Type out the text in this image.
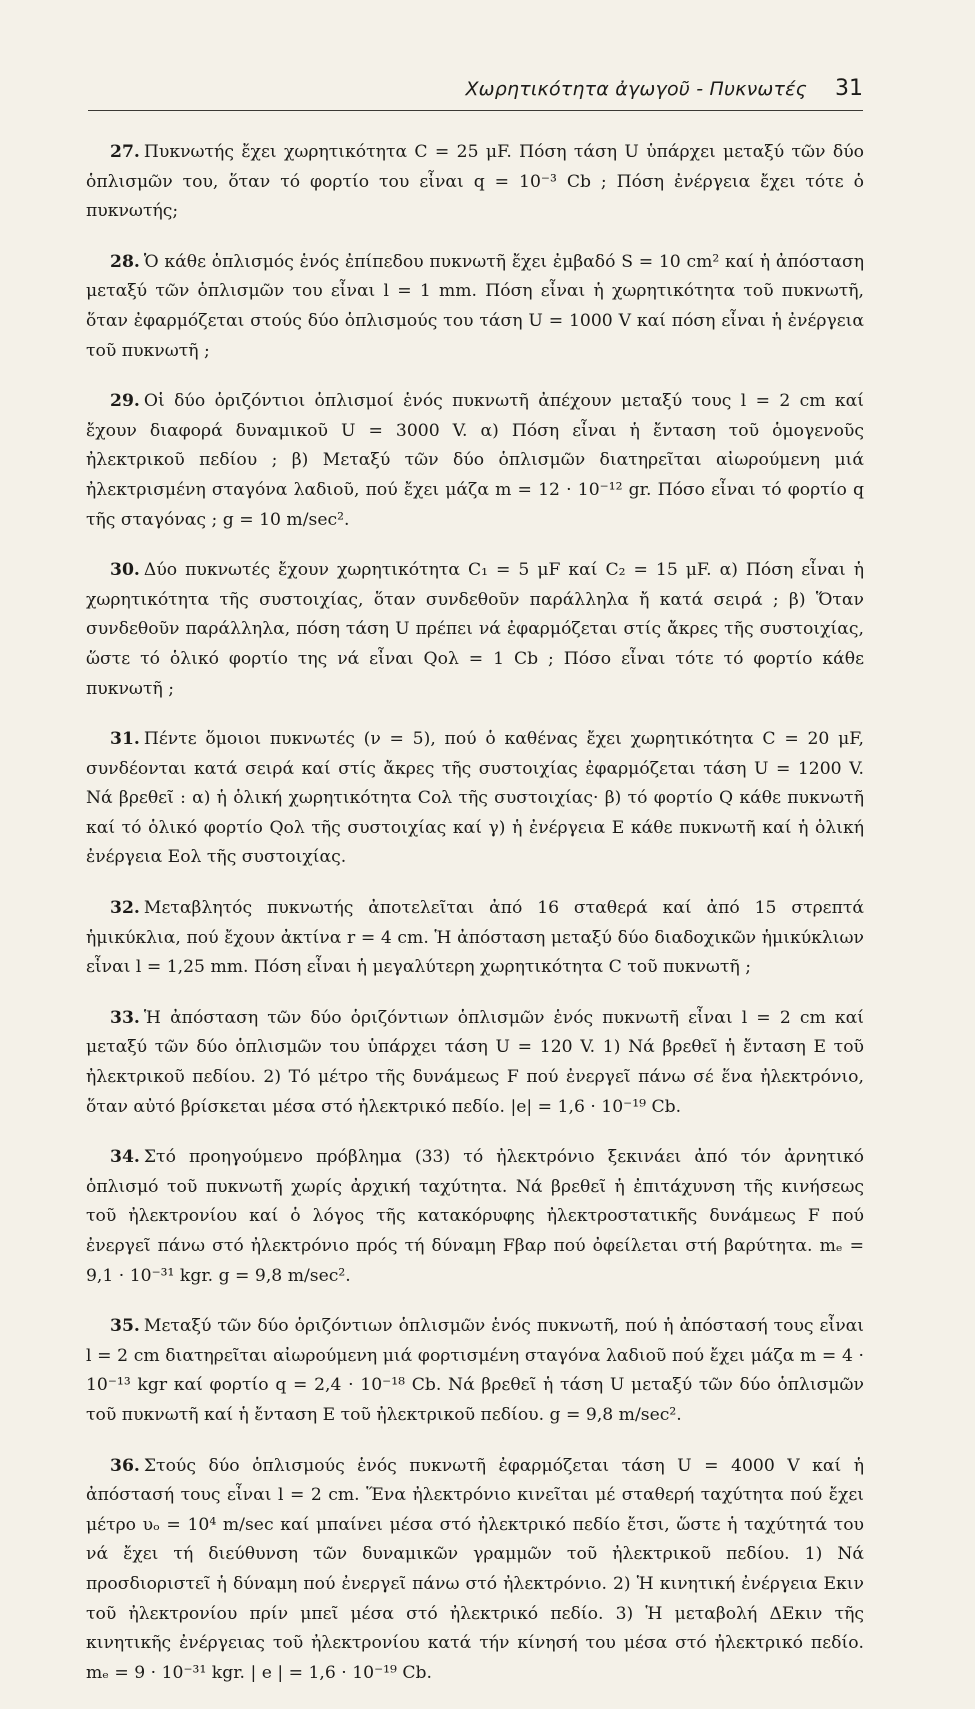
Χωρητικότητα ἀγωγοῦ - Πυκνωτές 31

27. Πυκνωτής ἔχει χωρητικότητα C = 25 μF. Πόση τάση U ὑπάρχει μεταξύ τῶν δύο ὁπλισμῶν του, ὅταν τό φορτίο του εἶναι q = 10⁻³ Cb ; Πόση ἐνέργεια ἔχει τότε ὁ πυκνωτής;

28. Ὁ κάθε ὁπλισμός ἑνός ἐπίπεδου πυκνωτῆ ἔχει ἐμβαδό S = 10 cm² καί ἡ ἀπόσταση μεταξύ τῶν ὁπλισμῶν του εἶναι l = 1 mm. Πόση εἶναι ἡ χωρητικότητα τοῦ πυκνωτῆ, ὅταν ἐφαρμόζεται στούς δύο ὁπλισμούς του τάση U = 1000 V καί πόση εἶναι ἡ ἐνέργεια τοῦ πυκνωτῆ ;

29. Οἱ δύο ὁριζόντιοι ὁπλισμοί ἑνός πυκνωτῆ ἀπέχουν μεταξύ τους l = 2 cm καί ἔχουν διαφορά δυναμικοῦ U = 3000 V. α) Πόση εἶναι ἡ ἔνταση τοῦ ὁμογενοῦς ἠλεκτρικοῦ πεδίου ; β) Μεταξύ τῶν δύο ὁπλισμῶν διατηρεῖται αἰωρούμενη μιά ἠλεκτρισμένη σταγόνα λαδιοῦ, πού ἔχει μάζα m = 12 · 10⁻¹² gr. Πόσο εἶναι τό φορτίο q τῆς σταγόνας ; g = 10 m/sec².

30. Δύο πυκνωτές ἔχουν χωρητικότητα C₁ = 5 μF καί C₂ = 15 μF. α) Πόση εἶναι ἡ χωρητικότητα τῆς συστοιχίας, ὅταν συνδεθοῦν παράλληλα ἤ κατά σειρά ; β) Ὅταν συνδεθοῦν παράλληλα, πόση τάση U πρέπει νά ἐφαρμόζεται στίς ἄκρες τῆς συστοιχίας, ὥστε τό ὁλικό φορτίο της νά εἶναι Qολ = 1 Cb ; Πόσο εἶναι τότε τό φορτίο κάθε πυκνωτῆ ;

31. Πέντε ὅμοιοι πυκνωτές (ν = 5), πού ὁ καθένας ἔχει χωρητικότητα C = 20 μF, συνδέονται κατά σειρά καί στίς ἄκρες τῆς συστοιχίας ἐφαρμόζεται τάση U = 1200 V. Νά βρεθεῖ : α) ἡ ὁλική χωρητικότητα Cολ τῆς συστοιχίας· β) τό φορτίο Q κάθε πυκνωτῆ καί τό ὁλικό φορτίο Qολ τῆς συστοιχίας καί γ) ἡ ἐνέργεια E κάθε πυκνωτῆ καί ἡ ὁλική ἐνέργεια Eολ τῆς συστοιχίας.

32. Μεταβλητός πυκνωτής ἀποτελεῖται ἀπό 16 σταθερά καί ἀπό 15 στρεπτά ἡμικύκλια, πού ἔχουν ἀκτίνα r = 4 cm. Ἡ ἀπόσταση μεταξύ δύο διαδοχικῶν ἡμικύκλιων εἶναι l = 1,25 mm. Πόση εἶναι ἡ μεγαλύτερη χωρητικότητα C τοῦ πυκνωτῆ ;

33. Ἡ ἀπόσταση τῶν δύο ὁριζόντιων ὁπλισμῶν ἑνός πυκνωτῆ εἶναι l = 2 cm καί μεταξύ τῶν δύο ὁπλισμῶν του ὑπάρχει τάση U = 120 V. 1) Νά βρεθεῖ ἡ ἔνταση E τοῦ ἠλεκτρικοῦ πεδίου. 2) Τό μέτρο τῆς δυνάμεως F πού ἐνεργεῖ πάνω σέ ἕνα ἠλεκτρόνιο, ὅταν αὐτό βρίσκεται μέσα στό ἠλεκτρικό πεδίο. |e| = 1,6 · 10⁻¹⁹ Cb.

34. Στό προηγούμενο πρόβλημα (33) τό ἠλεκτρόνιο ξεκινάει ἀπό τόν ἀρνητικό ὁπλισμό τοῦ πυκνωτῆ χωρίς ἀρχική ταχύτητα. Νά βρεθεῖ ἡ ἐπιτάχυνση τῆς κινήσεως τοῦ ἠλεκτρονίου καί ὁ λόγος τῆς κατακόρυφης ἠλεκτροστατικῆς δυνάμεως F πού ἐνεργεῖ πάνω στό ἠλεκτρόνιο πρός τή δύναμη Fβαρ πού ὀφείλεται στή βαρύτητα. mₑ = 9,1 · 10⁻³¹ kgr. g = 9,8 m/sec².

35. Μεταξύ τῶν δύο ὁριζόντιων ὁπλισμῶν ἑνός πυκνωτῆ, πού ἡ ἀπόστασή τους εἶναι l = 2 cm διατηρεῖται αἰωρούμενη μιά φορτισμένη σταγόνα λαδιοῦ πού ἔχει μάζα m = 4 · 10⁻¹³ kgr καί φορτίο q = 2,4 · 10⁻¹⁸ Cb. Νά βρεθεῖ ἡ τάση U μεταξύ τῶν δύο ὁπλισμῶν τοῦ πυκνωτῆ καί ἡ ἔνταση E τοῦ ἠλεκτρικοῦ πεδίου. g = 9,8 m/sec².

36. Στούς δύο ὁπλισμούς ἑνός πυκνωτῆ ἐφαρμόζεται τάση U = 4000 V καί ἡ ἀπόστασή τους εἶναι l = 2 cm. Ἕνα ἠλεκτρόνιο κινεῖται μέ σταθερή ταχύτητα πού ἔχει μέτρο υₒ = 10⁴ m/sec καί μπαίνει μέσα στό ἠλεκτρικό πεδίο ἔτσι, ὥστε ἡ ταχύτητά του νά ἔχει τή διεύθυνση τῶν δυναμικῶν γραμμῶν τοῦ ἠλεκτρικοῦ πεδίου. 1) Νά προσδιοριστεῖ ἡ δύναμη πού ἐνεργεῖ πάνω στό ἠλεκτρόνιο. 2) Ἡ κινητική ἐνέργεια Eκιν τοῦ ἠλεκτρονίου πρίν μπεῖ μέσα στό ἠλεκτρικό πεδίο. 3) Ἡ μεταβολή ΔEκιν τῆς κινητικῆς ἐνέργειας τοῦ ἠλεκτρονίου κατά τήν κίνησή του μέσα στό ἠλεκτρικό πεδίο. mₑ = 9 · 10⁻³¹ kgr. | e | = 1,6 · 10⁻¹⁹ Cb.
